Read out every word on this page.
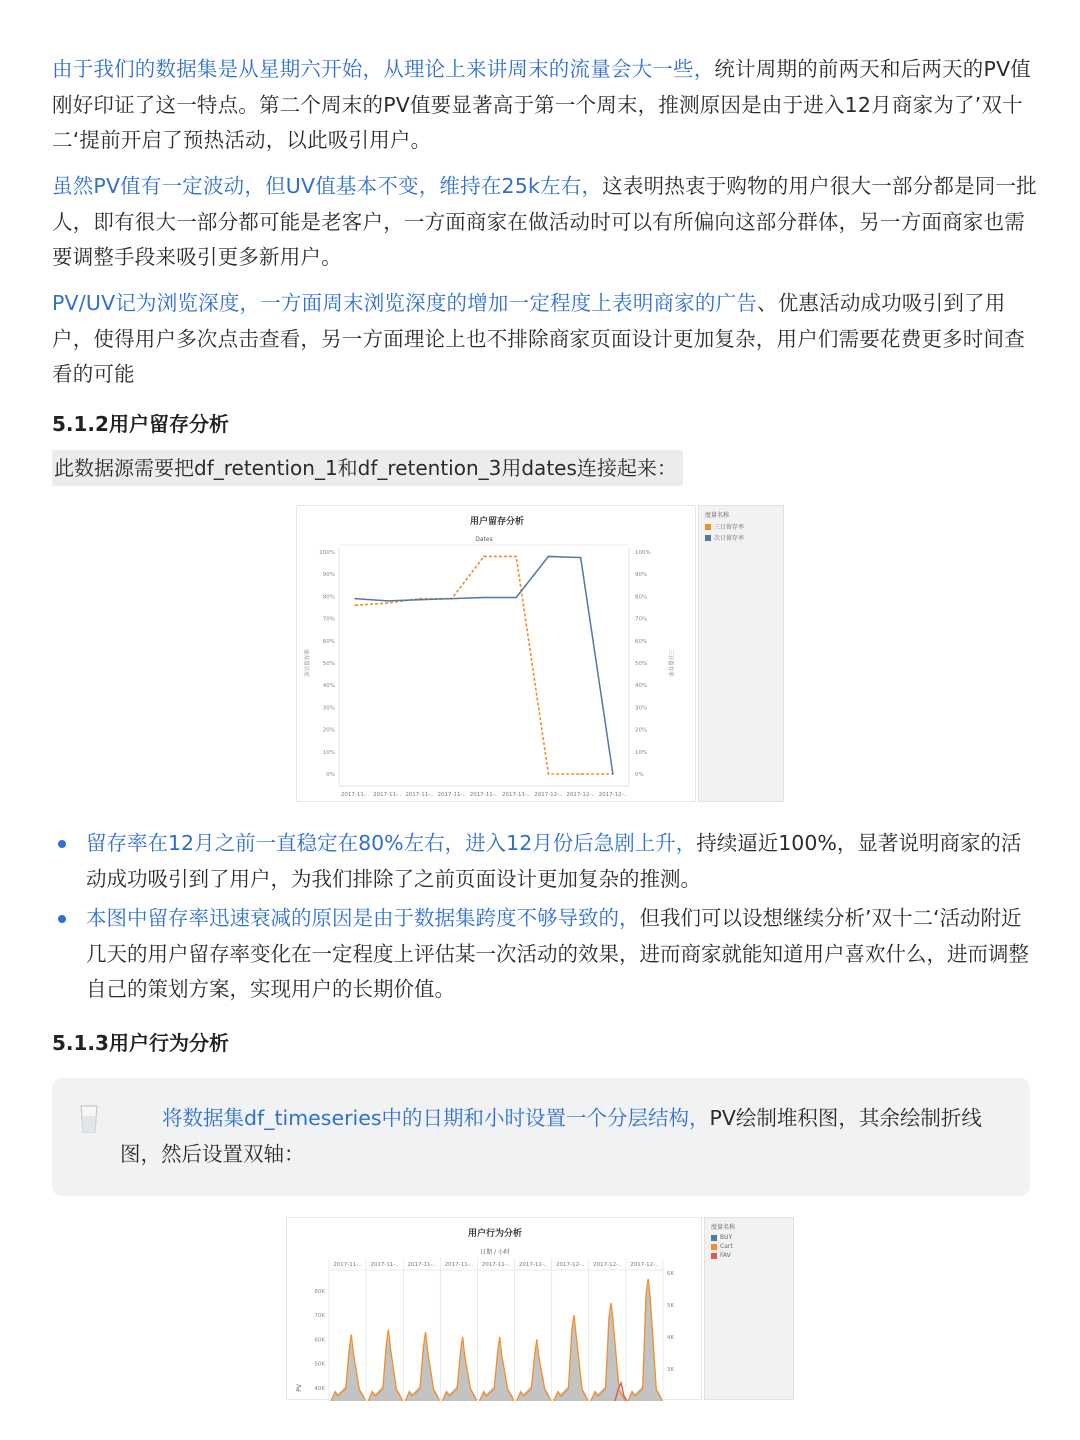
由于我们的数据集是从星期六开始，从理论上来讲周末的流量会大一些，统计周期的前两天和后两天的PV值刚好印证了这一特点。第二个周末的PV值要显著高于第一个周末，推测原因是由于进入12月商家为了’双十二‘提前开启了预热活动，以此吸引用户。
虽然PV值有一定波动，但UV值基本不变，维持在25k左右，这表明热衷于购物的用户很大一部分都是同一批人，即有很大一部分都可能是老客户，一方面商家在做活动时可以有所偏向这部分群体，另一方面商家也需要调整手段来吸引更多新用户。
PV/UV记为浏览深度，一方面周末浏览深度的增加一定程度上表明商家的广告、优惠活动成功吸引到了用户，使得用户多次点击查看，另一方面理论上也不排除商家页面设计更加复杂，用户们需要花费更多时间查看的可能
5.1.2用户留存分析
此数据源需要把df_retention_1和df_retention_3用dates连接起来：
用户留存分析
Dates
100%	100%
90%	90%
80%	80%
70%	70%
60%	60%
50%	50%
40%	40%
30%	30%
20%	20%
10%	10%
0%	0%
次日留存率	三日留存率
2017-11-.. 2017-11-.. 2017-11-.. 2017-11-.. 2017-11-.. 2017-11-.. 2017-12-.. 2017-12-.. 2017-12-..
度量名称
三日留存率
次日留存率
留存率在12月之前一直稳定在80%左右，进入12月份后急剧上升，持续逼近100%，显著说明商家的活动成功吸引到了用户，为我们排除了之前页面设计更加复杂的推测。
本图中留存率迅速衰减的原因是由于数据集跨度不够导致的，但我们可以设想继续分析’双十二‘活动附近几天的用户留存率变化在一定程度上评估某一次活动的效果，进而商家就能知道用户喜欢什么，进而调整自己的策划方案，实现用户的长期价值。
5.1.3用户行为分析
将数据集df_timeseries中的日期和小时设置一个分层结构，PV绘制堆积图，其余绘制折线图，然后设置双轴：
用户行为分析
日期 / 小时
2017-11-.. 2017-11-.. 2017-11-.. 2017-11-.. 2017-11-.. 2017-11-.. 2017-12-.. 2017-12-.. 2017-12-..
80K
70K
60K
50K
40K
6K
5K
4K
3K
PV
度量名称
BUY
Cart
FAV
